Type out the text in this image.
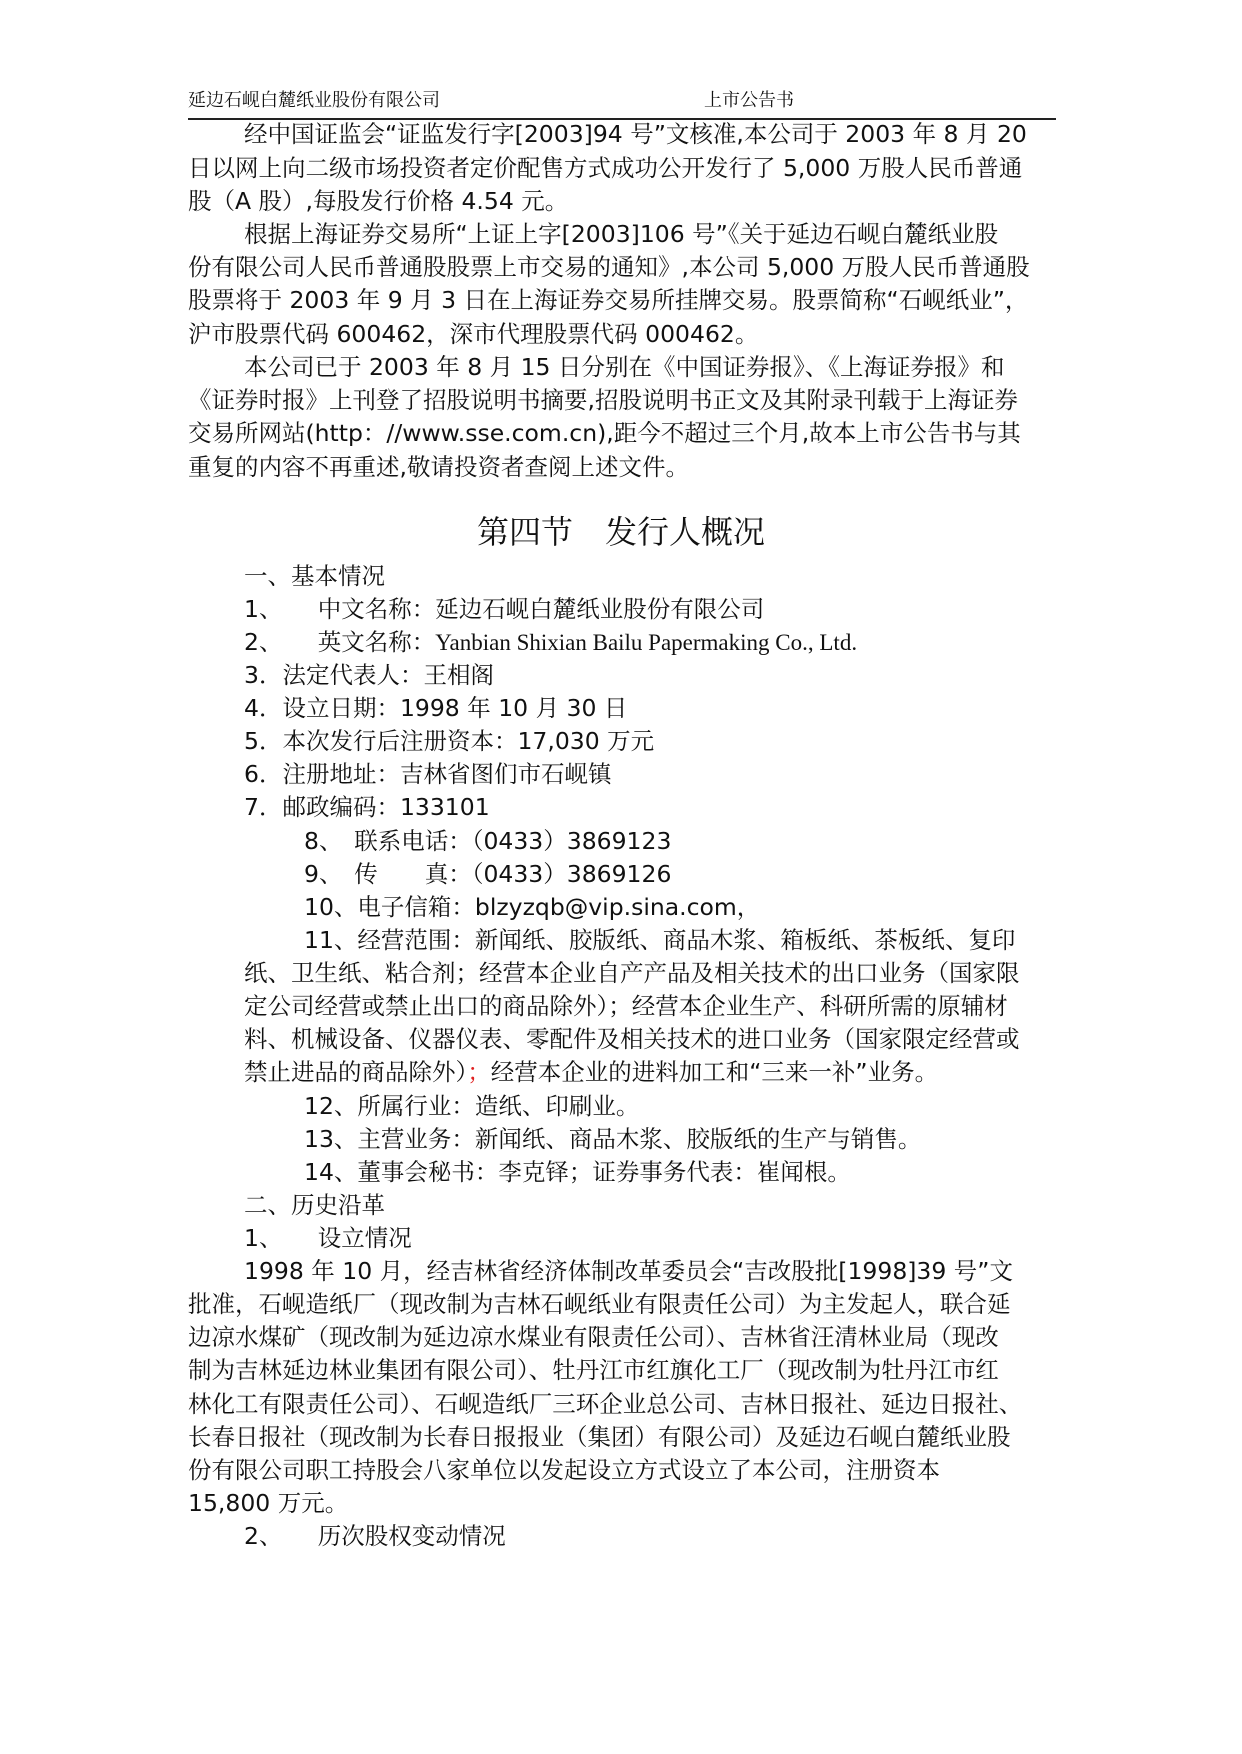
延边石岘白麓纸业股份有限公司	上市公告书
经中国证监会“证监发行字[2003]94 号”文核准,本公司于 2003 年 8 月 20
日以网上向二级市场投资者定价配售方式成功公开发行了 5,000 万股人民币普通
股（A 股）,每股发行价格 4.54 元。
根据上海证券交易所“上证上字[2003]106 号”《关于延边石岘白麓纸业股
份有限公司人民币普通股股票上市交易的通知》,本公司 5,000 万股人民币普通股
股票将于 2003 年 9 月 3 日在上海证券交易所挂牌交易。股票简称“石岘纸业”，
沪市股票代码 600462，深市代理股票代码 000462。
本公司已于 2003 年 8 月 15 日分别在《中国证券报》、《上海证券报》和
《证券时报》上刊登了招股说明书摘要,招股说明书正文及其附录刊载于上海证券
交易所网站(http：//www.sse.com.cn),距今不超过三个月,故本上市公告书与其
重复的内容不再重述,敬请投资者查阅上述文件。
第四节　发行人概况
一、基本情况
1、　　中文名称：延边石岘白麓纸业股份有限公司
2、　　英文名称：Yanbian Shixian Bailu Papermaking Co., Ltd.
3．法定代表人：王相阁
4．设立日期：1998 年 10 月 30 日
5．本次发行后注册资本：17,030 万元
6．注册地址：吉林省图们市石岘镇
7．邮政编码：133101
8、　联系电话：（0433）3869123
9、　传　　真：（0433）3869126
10、电子信箱：blzyzqb@vip.sina.com，
11、经营范围：新闻纸、胶版纸、商品木浆、箱板纸、茶板纸、复印
纸、卫生纸、粘合剂；经营本企业自产产品及相关技术的出口业务（国家限
定公司经营或禁止出口的商品除外）；经营本企业生产、科研所需的原辅材
料、机械设备、仪器仪表、零配件及相关技术的进口业务（国家限定经营或
禁止进品的商品除外）；经营本企业的进料加工和“三来一补”业务。
12、所属行业：造纸、印刷业。
13、主营业务：新闻纸、商品木浆、胶版纸的生产与销售。
14、董事会秘书：李克铎；证券事务代表：崔闻根。
二、历史沿革
1、　　设立情况
1998 年 10 月，经吉林省经济体制改革委员会“吉改股批[1998]39 号”文
批准，石岘造纸厂（现改制为吉林石岘纸业有限责任公司）为主发起人，联合延
边凉水煤矿（现改制为延边凉水煤业有限责任公司）、吉林省汪清林业局（现改
制为吉林延边林业集团有限公司）、牡丹江市红旗化工厂（现改制为牡丹江市红
林化工有限责任公司）、石岘造纸厂三环企业总公司、吉林日报社、延边日报社、
长春日报社（现改制为长春日报报业（集团）有限公司）及延边石岘白麓纸业股
份有限公司职工持股会八家单位以发起设立方式设立了本公司，注册资本
15,800 万元。
2、　　历次股权变动情况
